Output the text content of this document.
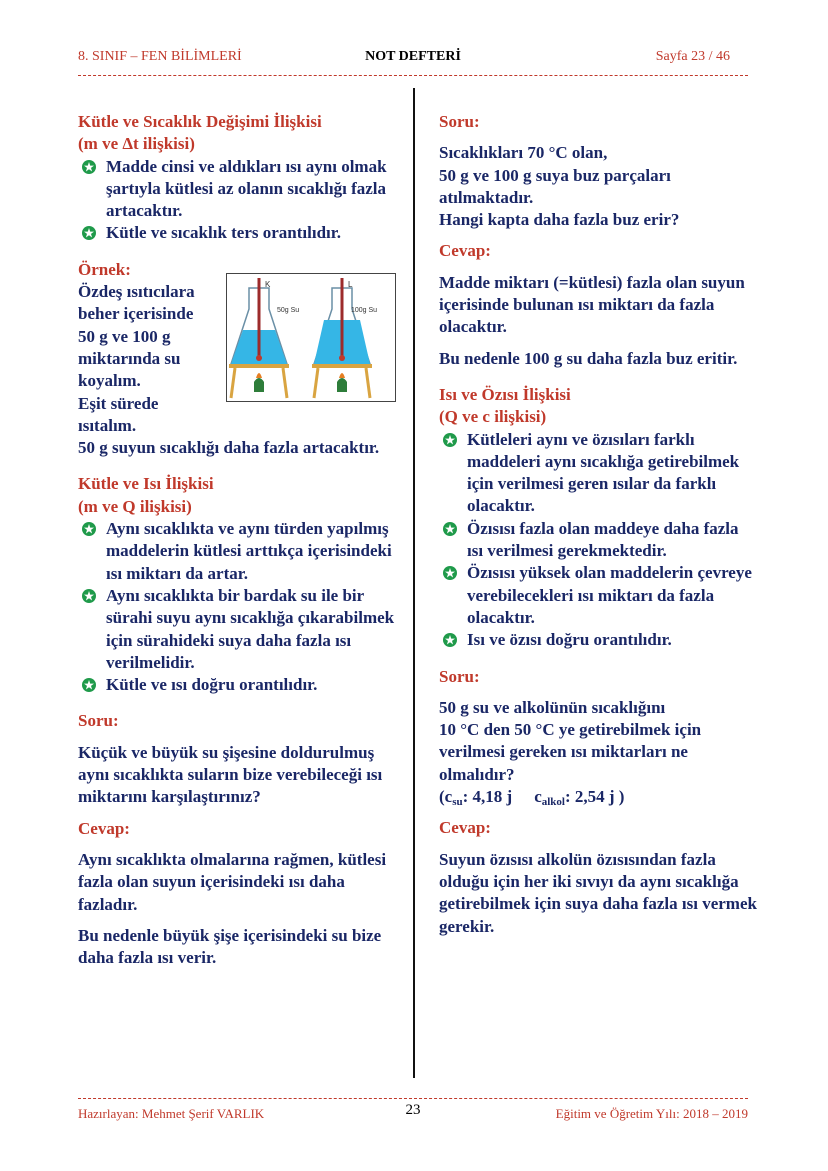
8. SINIF – FEN BİLİMLERİ	NOT DEFTERİ	Sayfa 23 / 46
Kütle ve Sıcaklık Değişimi İlişkisi
(m ve Δt ilişkisi)
Madde cinsi ve aldıkları ısı aynı olmak şartıyla kütlesi az olanın sıcaklığı fazla artacaktır.
Kütle ve sıcaklık ters orantılıdır.
Örnek:
Özdeş ısıtıcılara
beher içerisinde
50 g ve 100 g
miktarında su
koyalım.
Eşit sürede
ısıtalım.
50 g suyun sıcaklığı daha fazla artacaktır.
Kütle ve Isı İlişkisi
(m ve Q ilişkisi)
Aynı sıcaklıkta ve aynı türden yapılmış maddelerin kütlesi arttıkça içerisindeki ısı miktarı da artar.
Aynı sıcaklıkta bir bardak su ile bir sürahi suyu aynı sıcaklığa çıkarabilmek için sürahideki suya daha fazla ısı verilmelidir.
Kütle ve ısı doğru orantılıdır.
Soru:
Küçük ve büyük su şişesine doldurulmuş aynı sıcaklıkta suların bize verebileceği ısı miktarını karşılaştırınız?
Cevap:
Aynı sıcaklıkta olmalarına rağmen, kütlesi fazla olan suyun içerisindeki ısı daha fazladır.
Bu nedenle büyük şişe içerisindeki su bize daha fazla ısı verir.
K	L
50g Su	100g Su
Soru:
Sıcaklıkları 70 °C olan,
50 g ve 100 g suya buz parçaları atılmaktadır.
Hangi kapta daha fazla buz erir?
Cevap:
Madde miktarı (=kütlesi) fazla olan suyun içerisinde bulunan ısı miktarı da fazla olacaktır.
Bu nedenle 100 g su daha fazla buz eritir.
Isı ve Özısı İlişkisi
(Q ve c ilişkisi)
Kütleleri aynı ve özısıları farklı maddeleri aynı sıcaklığa getirebilmek için verilmesi geren ısılar da farklı olacaktır.
Özısısı fazla olan maddeye daha fazla ısı verilmesi gerekmektedir.
Özısısı yüksek olan maddelerin çevreye verebilecekleri ısı miktarı da fazla olacaktır.
Isı ve özısı doğru orantılıdır.
Soru:
50 g su ve alkolünün sıcaklığını
10 °C den 50 °C ye getirebilmek için verilmesi gereken ısı miktarları ne olmalıdır?
($c_{su}$: 4,18 j $c_{alkol}$: 2,54 j )
Cevap:
Suyun özısısı alkolün özısısından fazla olduğu için her iki sıvıyı da aynı sıcaklığa getirebilmek için suya daha fazla ısı vermek gerekir.
Hazırlayan: Mehmet Şerif VARLIK	23	Eğitim ve Öğretim Yılı: 2018 – 2019
